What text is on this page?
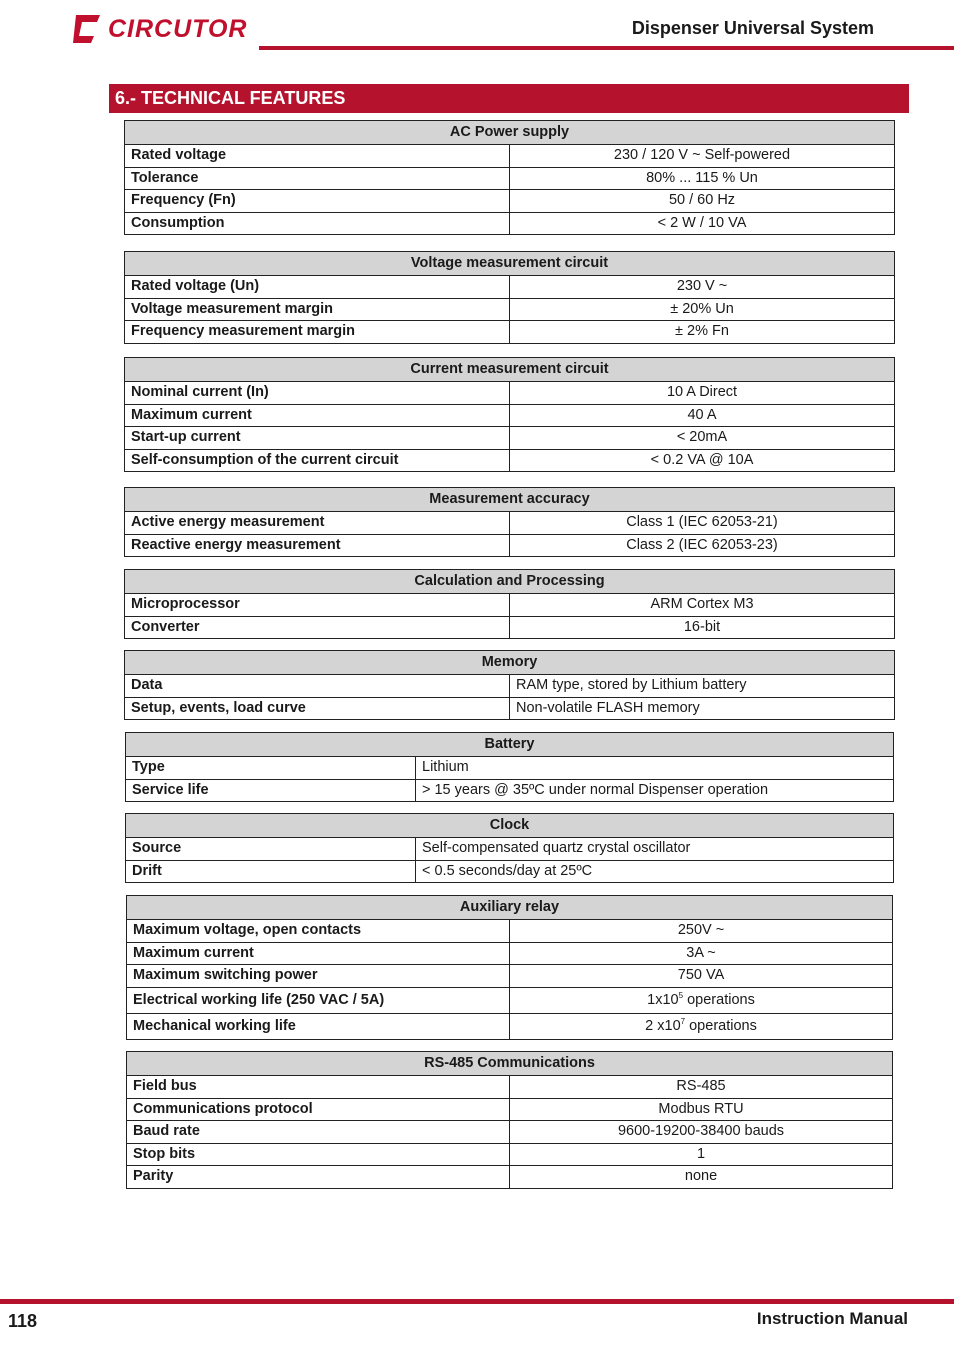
CIRCUTOR	Dispenser Universal System
6.- TECHNICAL FEATURES
AC Power supply	
Rated voltage	230 / 120 V ~ Self-powered
Tolerance	80% ... 115 % Un
Frequency (Fn)	50 / 60 Hz
Consumption	< 2 W / 10 VA
Voltage measurement circuit	
Rated voltage (Un)	230 V ~
Voltage measurement margin	± 20% Un
Frequency measurement margin	± 2% Fn
Current measurement circuit	
Nominal current (In)	10 A Direct
Maximum current	40 A
Start-up current	< 20mA
Self-consumption of the current circuit	< 0.2 VA @ 10A
Measurement accuracy	
Active energy measurement	Class 1 (IEC 62053-21)
Reactive energy measurement	Class 2 (IEC 62053-23)
Calculation and Processing	
Microprocessor	ARM Cortex M3
Converter	16-bit
Memory	
Data	RAM type, stored by Lithium battery
Setup, events, load curve	Non-volatile FLASH memory
Battery	
Type	Lithium
Service life	> 15 years @ 35ºC under normal Dispenser operation
Clock	
Source	Self-compensated quartz crystal oscillator
Drift	< 0.5 seconds/day at 25ºC
Auxiliary relay	
Maximum voltage, open contacts	250V ~
Maximum current	3A ~
Maximum switching power	750 VA
Electrical working life (250 VAC / 5A)	$1x10^5$ operations
Mechanical working life	2 $x10^7$ operations
RS-485 Communications	
Field bus	RS-485
Communications protocol	Modbus RTU
Baud rate	9600-19200-38400 bauds
Stop bits	1
Parity	none
118	Instruction Manual
